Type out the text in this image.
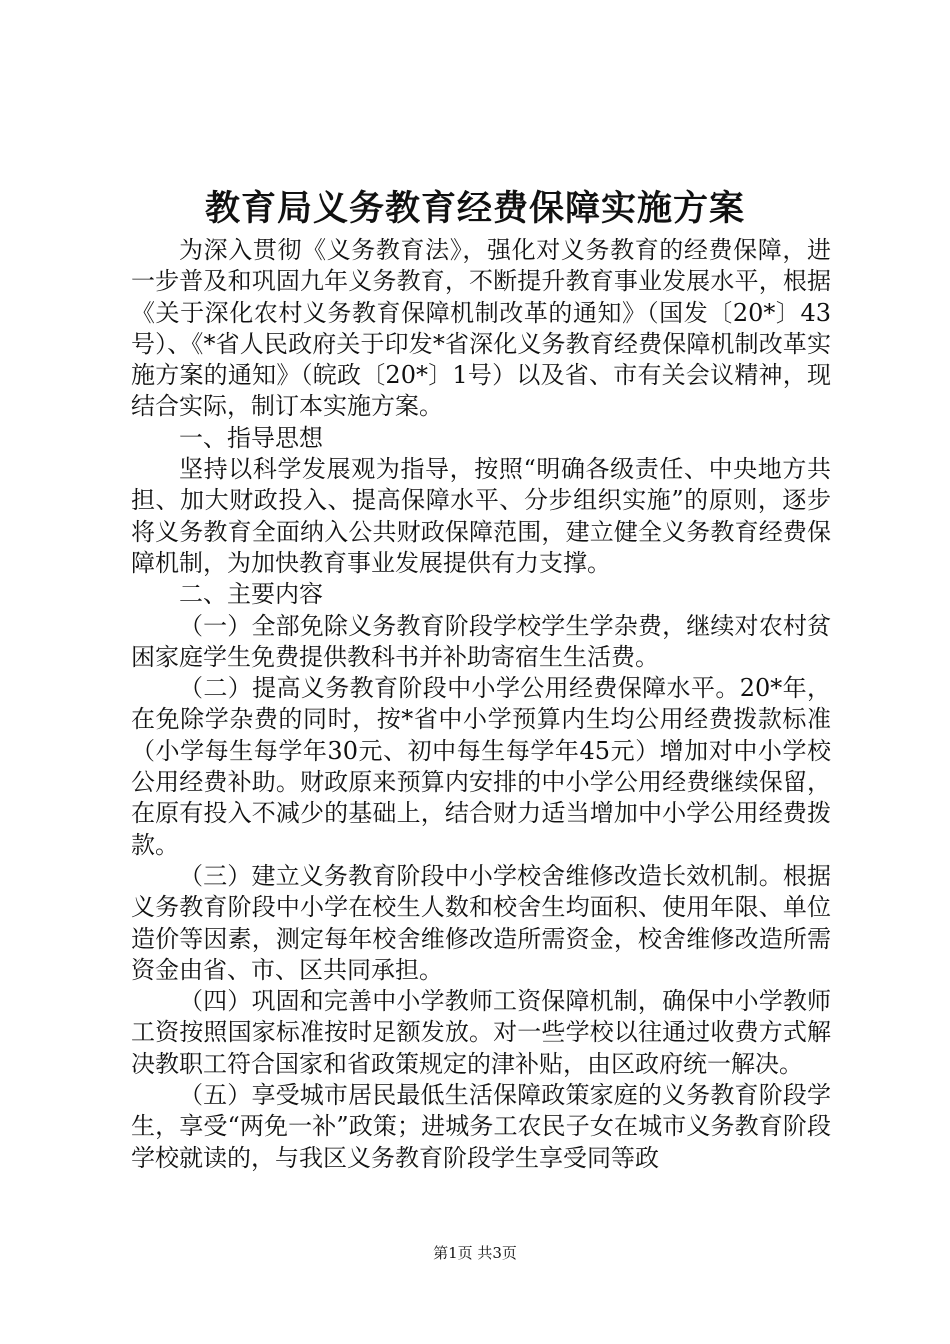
教育局义务教育经费保障实施方案

为深入贯彻《义务教育法》，强化对义务教育的经费保障，进一步普及和巩固九年义务教育，不断提升教育事业发展水平，根据《关于深化农村义务教育保障机制改革的通知》（国发〔20*〕43号）、《*省人民政府关于印发*省深化义务教育经费保障机制改革实施方案的通知》（皖政〔20*〕1号）以及省、市有关会议精神，现结合实际，制订本实施方案。

一、指导思想

坚持以科学发展观为指导，按照“明确各级责任、中央地方共担、加大财政投入、提高保障水平、分步组织实施”的原则，逐步将义务教育全面纳入公共财政保障范围，建立健全义务教育经费保障机制，为加快教育事业发展提供有力支撑。

二、主要内容

（一）全部免除义务教育阶段学校学生学杂费，继续对农村贫困家庭学生免费提供教科书并补助寄宿生生活费。

（二）提高义务教育阶段中小学公用经费保障水平。20*年，在免除学杂费的同时，按*省中小学预算内生均公用经费拨款标准（小学每生每学年30元、初中每生每学年45元）增加对中小学校公用经费补助。财政原来预算内安排的中小学公用经费继续保留，在原有投入不减少的基础上，结合财力适当增加中小学公用经费拨款。

（三）建立义务教育阶段中小学校舍维修改造长效机制。根据义务教育阶段中小学在校生人数和校舍生均面积、使用年限、单位造价等因素，测定每年校舍维修改造所需资金，校舍维修改造所需资金由省、市、区共同承担。

（四）巩固和完善中小学教师工资保障机制，确保中小学教师工资按照国家标准按时足额发放。对一些学校以往通过收费方式解决教职工符合国家和省政策规定的津补贴，由区政府统一解决。

（五）享受城市居民最低生活保障政策家庭的义务教育阶段学生，享受“两免一补”政策；进城务工农民子女在城市义务教育阶段学校就读的，与我区义务教育阶段学生享受同等政

第1页 共3页
